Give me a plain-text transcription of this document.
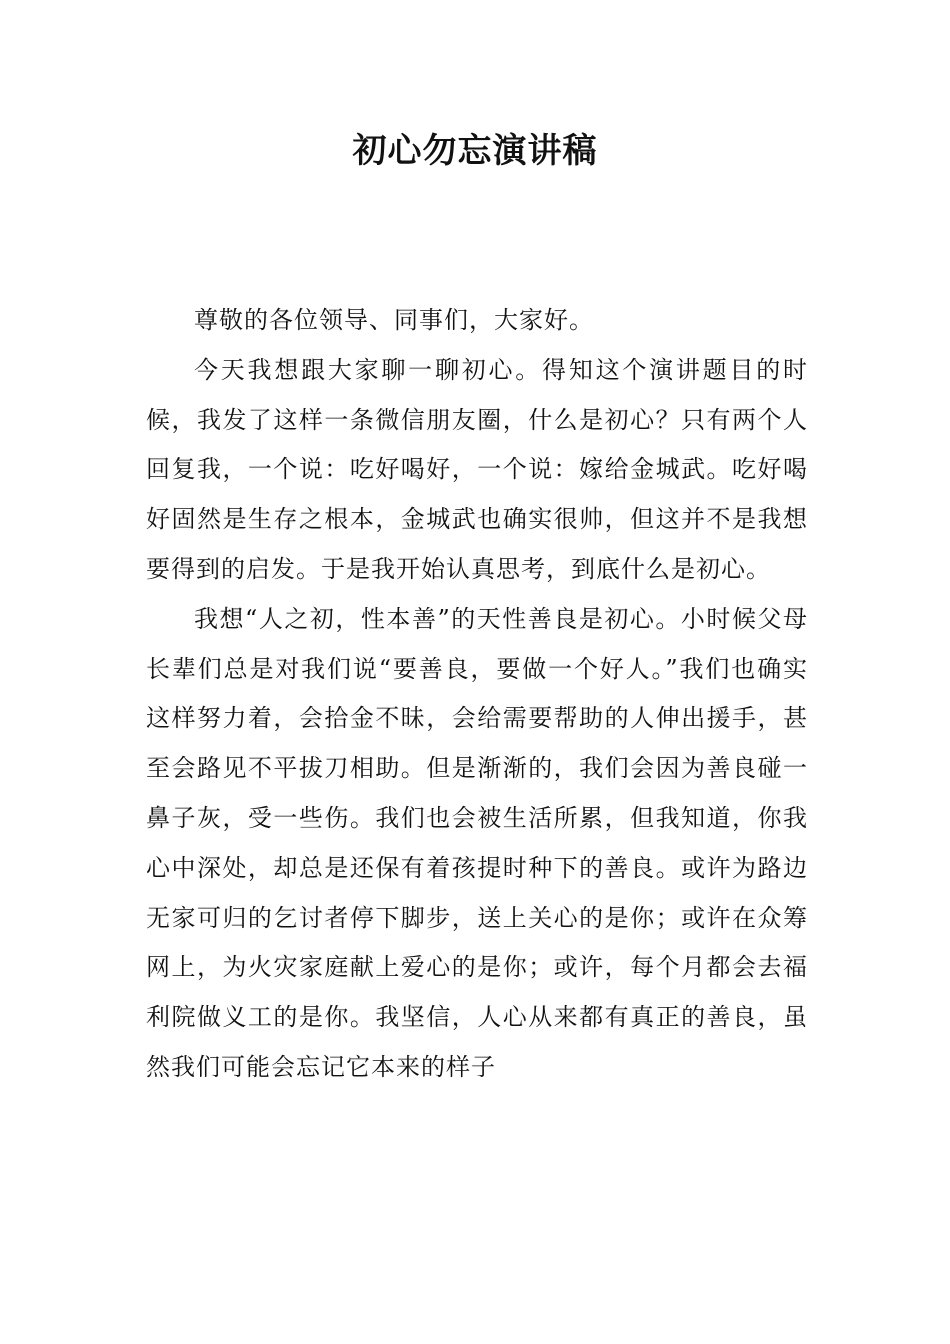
初心勿忘演讲稿

尊敬的各位领导、同事们，大家好。

今天我想跟大家聊一聊初心。得知这个演讲题目的时候，我发了这样一条微信朋友圈，什么是初心？只有两个人回复我，一个说：吃好喝好，一个说：嫁给金城武。吃好喝好固然是生存之根本，金城武也确实很帅，但这并不是我想要得到的启发。于是我开始认真思考，到底什么是初心。

我想“人之初，性本善”的天性善良是初心。小时候父母长辈们总是对我们说“要善良，要做一个好人。”我们也确实这样努力着，会拾金不昧，会给需要帮助的人伸出援手，甚至会路见不平拔刀相助。但是渐渐的，我们会因为善良碰一鼻子灰，受一些伤。我们也会被生活所累，但我知道，你我心中深处，却总是还保有着孩提时种下的善良。或许为路边无家可归的乞讨者停下脚步，送上关心的是你；或许在众筹网上，为火灾家庭献上爱心的是你；或许，每个月都会去福利院做义工的是你。我坚信，人心从来都有真正的善良，虽然我们可能会忘记它本来的样子
